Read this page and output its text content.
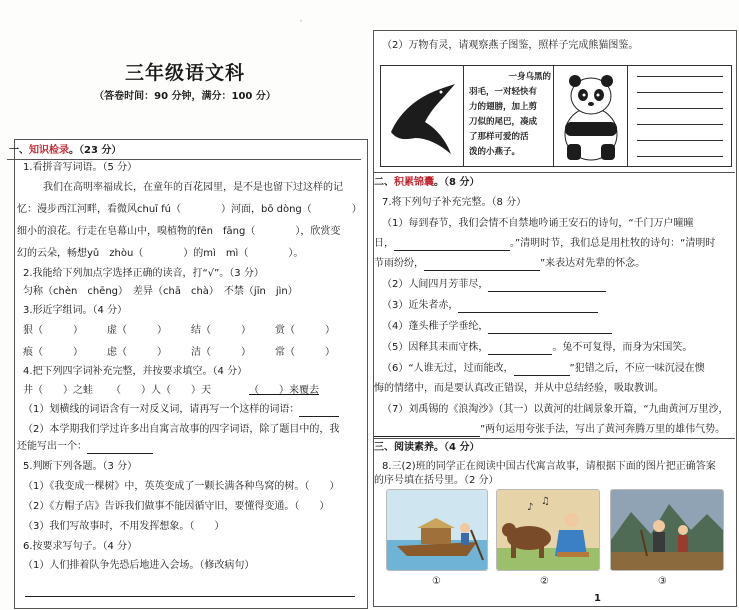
。
三年级语文科
（答卷时间：90 分钟，满分：100 分）
一、知识检录。（23 分）
1.看拼音写词语。（5 分）
　　我们在高明率福成长，在童年的百花园里，是不是也留下过这样的记
忆：漫步西江河畔，看微风chuī fú（　　　　）河面，bō dòng（　　　　）
细小的浪花。行走在皂幕山中，嗅植物的fēn　fāng（　　　　），欣赏变
幻的云朵，畅想yǔ　zhòu（　　　　）的mì　mì（　　　　）。
2.我能给下列加点字选择正确的读音，打“√”。（3 分）
匀称（chèn　chēng）　差异（chā　chà）　不禁（jīn　jìn）
3.形近字组词。（4 分）
狠（　　　） 虚（　　　） 结（　　　） 赏（　　　）
痕（　　　） 虑（　　　） 洁（　　　） 常（　　　）
4.把下列四字词补充完整，并按要求填空。（4 分）
井（　　）之蛙 （　　）人（　　）天	（　　）来覆去
（1）划横线的词语含有一对反义词，请再写一个这样的词语：
（2）本学期我们学过许多出自寓言故事的四字词语，除了题目中的，我
还能写出一个：
5.判断下列各题。（3 分）
（1）《我变成一棵树》中，英英变成了一颗长满各种鸟窝的树。（　　）
（2）《方帽子店》告诉我们做事不能因循守旧，要懂得变通。（　　）
（3）我们写故事时，不用发挥想象。（　　）
6.按要求写句子。（4 分）
（1）人们排着队争先恐后地进入会场。（修改病句）
（2）万物有灵，请观察燕子图鉴，照样子完成熊猫图鉴。
一身乌黑的
羽毛，一对轻快有
力的翅膀，加上剪
刀似的尾巴，凑成
了那样可爱的活
泼的小燕子。
二、积累锦囊。（8 分）
7.将下列句子补充完整。（8 分）
（1）每到春节，我们会情不自禁地吟诵王安石的诗句，“千门万户曈曈
日，	。”清明时节，我们总是用杜牧的诗句：“清明时
节雨纷纷，	”来表达对先辈的怀念。
（2）人间四月芳菲尽，
（3）近朱者赤，
（4）蓬头稚子学垂纶，
（5）因释其耒而守株，	。兔不可复得，而身为宋国笑。
（6）“人谁无过，过而能改，	”犯错之后，不应一味沉浸在懊
悔的情绪中，而是要认真改正错误，并从中总结经验，吸取教训。
（7）刘禹锡的《浪淘沙》（其一）以黄河的壮阔景象开篇，“九曲黄河万里沙，
”两句运用夸张手法，写出了黄河奔腾万里的雄伟气势。
三、阅读素养。（4 分）
8.三(2)班的同学正在阅读中国古代寓言故事，请根据下面的图片把正确答案
的序号填在括号里。（2 分）
♪
♫
①	②	③
1
